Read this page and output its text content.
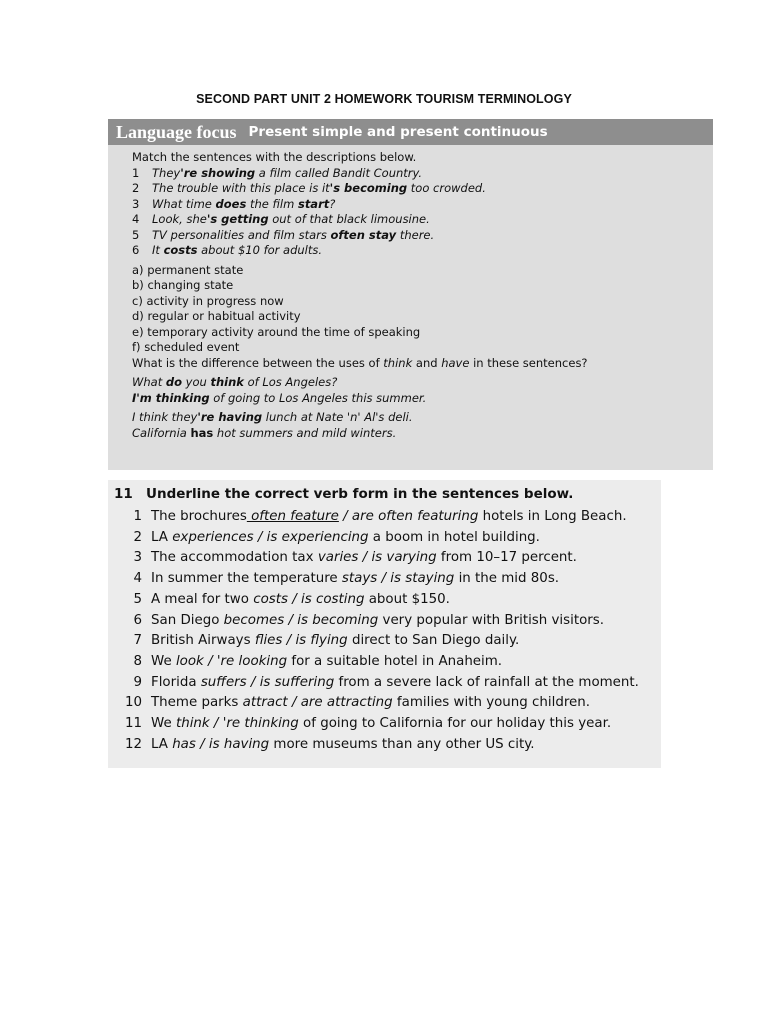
SECOND PART UNIT 2 HOMEWORK TOURISM TERMINOLOGY
Language focus Present simple and present continuous
Match the sentences with the descriptions below.
1 They're showing a film called Bandit Country.
2 The trouble with this place is it's becoming too crowded.
3 What time does the film start?
4 Look, she's getting out of that black limousine.
5 TV personalities and film stars often stay there.
6 It costs about $10 for adults.
a) permanent state
b) changing state
c) activity in progress now
d) regular or habitual activity
e) temporary activity around the time of speaking
f) scheduled event
What is the difference between the uses of think and have in these sentences?
What do you think of Los Angeles?
I'm thinking of going to Los Angeles this summer.
I think they're having lunch at Nate 'n' Al's deli.
California has hot summers and mild winters.
11 Underline the correct verb form in the sentences below.
1 The brochures often feature / are often featuring hotels in Long Beach.
2 LA experiences / is experiencing a boom in hotel building.
3 The accommodation tax varies / is varying from 10–17 percent.
4 In summer the temperature stays / is staying in the mid 80s.
5 A meal for two costs / is costing about $150.
6 San Diego becomes / is becoming very popular with British visitors.
7 British Airways flies / is flying direct to San Diego daily.
8 We look / 're looking for a suitable hotel in Anaheim.
9 Florida suffers / is suffering from a severe lack of rainfall at the moment.
10 Theme parks attract / are attracting families with young children.
11 We think / 're thinking of going to California for our holiday this year.
12 LA has / is having more museums than any other US city.
